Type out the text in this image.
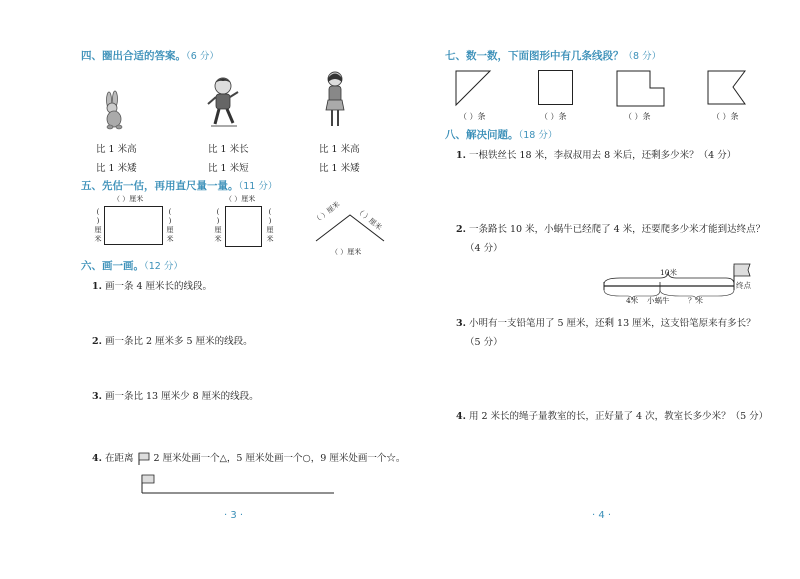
四、圈出合适的答案。（6 分）
比 1 米高
比 1 米矮
比 1 米长
比 1 米短
比 1 米高
比 1 米矮
五、先估一估，再用直尺量一量。（11 分）
（ ）厘米
(
)
厘米
(
)
厘米
（ ）厘米
(
)
厘米
(
)
厘米
（ ）厘米 （ ）厘米
（ ）厘米
六、画一画。（12 分）
1. 画一条 4 厘米长的线段。
2. 画一条比 2 厘米多 5 厘米的线段。
3. 画一条比 13 厘米少 8 厘米的线段。
4. 在距离 2 厘米处画一个△，5 厘米处画一个○，9 厘米处画一个☆。
· 3 ·
七、数一数，下面图形中有几条线段？（8 分）
（ ）条	（ ）条	（ ）条	（ ）条
八、解决问题。（18 分）
1. 一根铁丝长 18 米，李叔叔用去 8 米后，还剩多少米？（4 分）
2. 一条路长 10 米，小蜗牛已经爬了 4 米，还要爬多少米才能到达终点？
（4 分）
10米
4米 小蜗牛 ？米
终点
3. 小明有一支铅笔用了 5 厘米，还剩 13 厘米，这支铅笔原来有多长？
（5 分）
4. 用 2 米长的绳子量教室的长，正好量了 4 次，教室长多少米？（5 分）
· 4 ·
